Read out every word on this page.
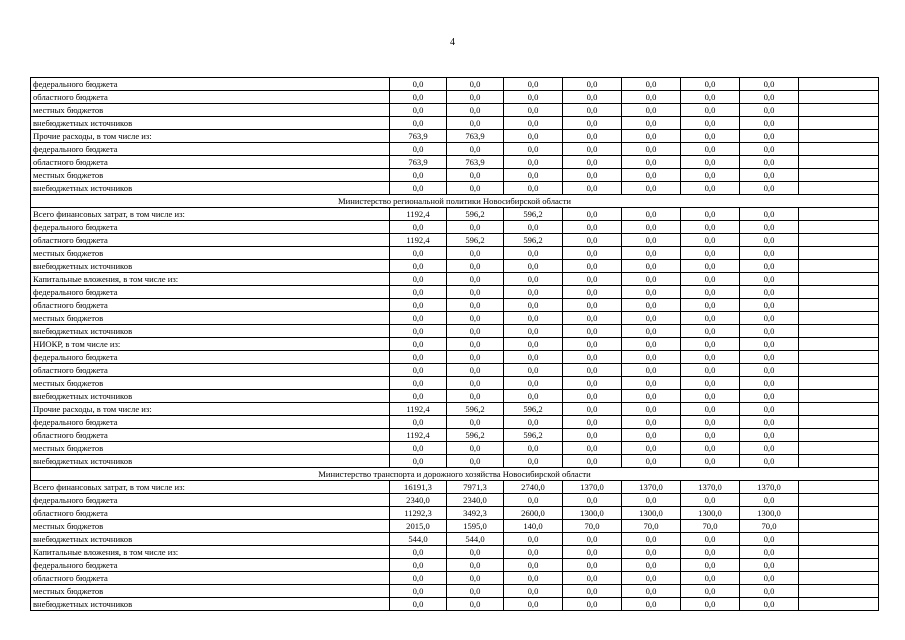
4
федерального бюджета	0,0	0,0	0,0	0,0	0,0	0,0	0,0	
областного бюджета	0,0	0,0	0,0	0,0	0,0	0,0	0,0	
местных бюджетов	0,0	0,0	0,0	0,0	0,0	0,0	0,0	
внебюджетных источников	0,0	0,0	0,0	0,0	0,0	0,0	0,0	
Прочие расходы, в том числе из:	763,9	763,9	0,0	0,0	0,0	0,0	0,0	
федерального бюджета	0,0	0,0	0,0	0,0	0,0	0,0	0,0	
областного бюджета	763,9	763,9	0,0	0,0	0,0	0,0	0,0	
местных бюджетов	0,0	0,0	0,0	0,0	0,0	0,0	0,0	
внебюджетных источников	0,0	0,0	0,0	0,0	0,0	0,0	0,0	
Министерство региональной политики Новосибирской области								
Всего финансовых затрат, в том числе из:	1192,4	596,2	596,2	0,0	0,0	0,0	0,0	
федерального бюджета	0,0	0,0	0,0	0,0	0,0	0,0	0,0	
областного бюджета	1192,4	596,2	596,2	0,0	0,0	0,0	0,0	
местных бюджетов	0,0	0,0	0,0	0,0	0,0	0,0	0,0	
внебюджетных источников	0,0	0,0	0,0	0,0	0,0	0,0	0,0	
Капитальные вложения, в том числе из:	0,0	0,0	0,0	0,0	0,0	0,0	0,0	
федерального бюджета	0,0	0,0	0,0	0,0	0,0	0,0	0,0	
областного бюджета	0,0	0,0	0,0	0,0	0,0	0,0	0,0	
местных бюджетов	0,0	0,0	0,0	0,0	0,0	0,0	0,0	
внебюджетных источников	0,0	0,0	0,0	0,0	0,0	0,0	0,0	
НИОКР, в том числе из:	0,0	0,0	0,0	0,0	0,0	0,0	0,0	
федерального бюджета	0,0	0,0	0,0	0,0	0,0	0,0	0,0	
областного бюджета	0,0	0,0	0,0	0,0	0,0	0,0	0,0	
местных бюджетов	0,0	0,0	0,0	0,0	0,0	0,0	0,0	
внебюджетных источников	0,0	0,0	0,0	0,0	0,0	0,0	0,0	
Прочие расходы, в том числе из:	1192,4	596,2	596,2	0,0	0,0	0,0	0,0	
федерального бюджета	0,0	0,0	0,0	0,0	0,0	0,0	0,0	
областного бюджета	1192,4	596,2	596,2	0,0	0,0	0,0	0,0	
местных бюджетов	0,0	0,0	0,0	0,0	0,0	0,0	0,0	
внебюджетных источников	0,0	0,0	0,0	0,0	0,0	0,0	0,0	
Министерство транспорта и дорожного хозяйства Новосибирской области								
Всего финансовых затрат, в том числе из:	16191,3	7971,3	2740,0	1370,0	1370,0	1370,0	1370,0	
федерального бюджета	2340,0	2340,0	0,0	0,0	0,0	0,0	0,0	
областного бюджета	11292,3	3492,3	2600,0	1300,0	1300,0	1300,0	1300,0	
местных бюджетов	2015,0	1595,0	140,0	70,0	70,0	70,0	70,0	
внебюджетных источников	544,0	544,0	0,0	0,0	0,0	0,0	0,0	
Капитальные вложения, в том числе из:	0,0	0,0	0,0	0,0	0,0	0,0	0,0	
федерального бюджета	0,0	0,0	0,0	0,0	0,0	0,0	0,0	
областного бюджета	0,0	0,0	0,0	0,0	0,0	0,0	0,0	
местных бюджетов	0,0	0,0	0,0	0,0	0,0	0,0	0,0	
внебюджетных источников	0,0	0,0	0,0	0,0	0,0	0,0	0,0	
